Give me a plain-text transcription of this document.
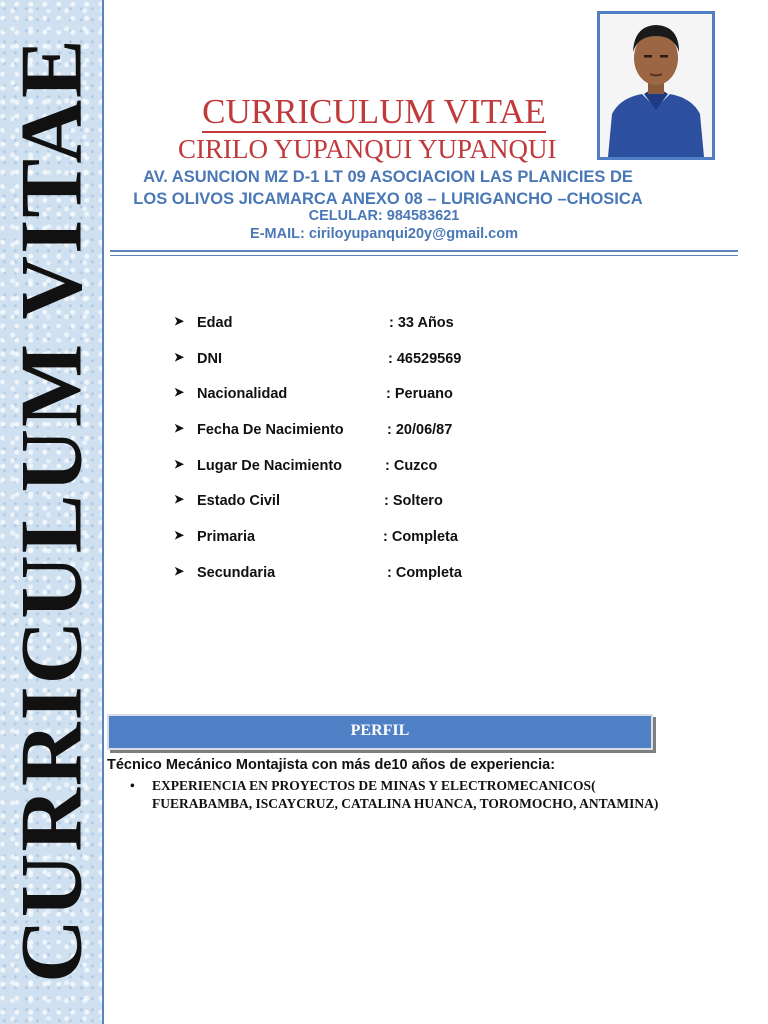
CURRICULUM VITAE	CURRICULUM VITAE
CIRILO YUPANQUI YUPANQUI
AV. ASUNCION MZ D-1 LT 09 ASOCIACION LAS PLANICIES DE
LOS OLIVOS JICAMARCA ANEXO 08 – LURIGANCHO –CHOSICA
CELULAR: 984583621
E-MAIL: ciriloyupanqui20y@gmail.com
➤ Edad	: 33 Años
➤ DNI	: 46529569
➤ Nacionalidad	: Peruano
➤ Fecha De Nacimiento	: 20/06/87
➤ Lugar De Nacimiento	: Cuzco
➤ Estado Civil	: Soltero
➤ Primaria	: Completa
➤ Secundaria	: Completa
PERFIL
Técnico Mecánico Montajista con más de10 años de experiencia:
• EXPERIENCIA EN PROYECTOS DE MINAS Y ELECTROMECANICOS( FUERABAMBA, ISCAYCRUZ, CATALINA HUANCA, TOROMOCHO, ANTAMINA)
